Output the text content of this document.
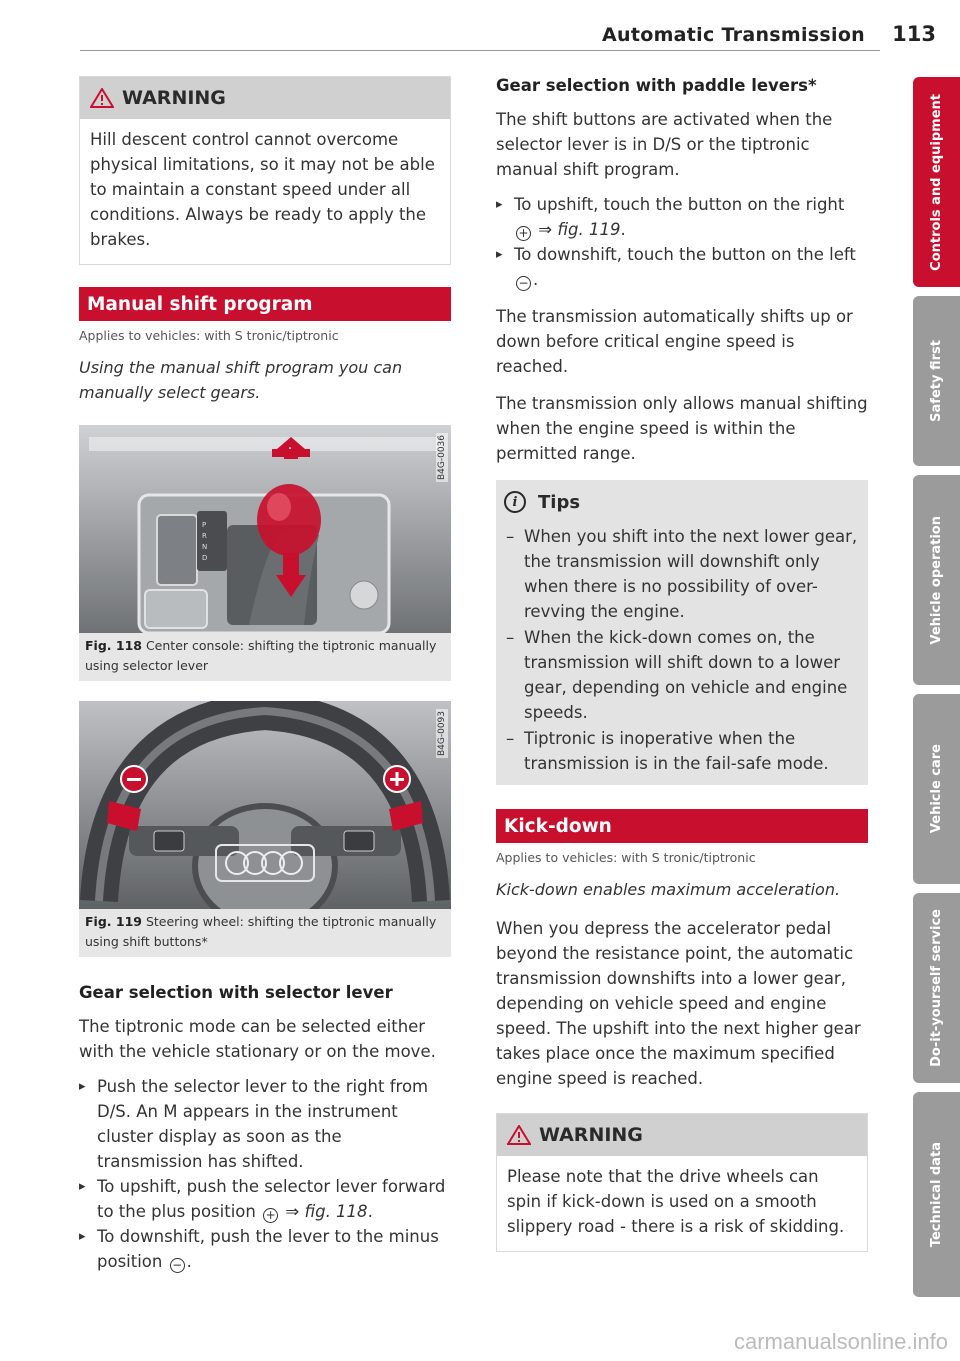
Automatic Transmission 113
WARNING
Hill descent control cannot overcome physical limitations, so it may not be able to maintain a constant speed under all conditions. Always be ready to apply the brakes.
Manual shift program
Applies to vehicles: with S tronic/tiptronic
Using the manual shift program you can manually select gears.
P
R
N
D
B4G-0036
Fig. 118 Center console: shifting the tiptronic manually using selector lever
B4G-0093
Fig. 119 Steering wheel: shifting the tiptronic manually using shift buttons*
Gear selection with selector lever
The tiptronic mode can be selected either with the vehicle stationary or on the move.
▸ Push the selector lever to the right from D/S. An M appears in the instrument cluster display as soon as the transmission has shifted.
▸ To upshift, push the selector lever forward to the plus position + ⇒ fig. 118.
▸ To downshift, push the lever to the minus position − .
Gear selection with paddle levers*
The shift buttons are activated when the selector lever is in D/S or the tiptronic manual shift program.
▸ To upshift, touch the button on the right + ⇒ fig. 119.
▸ To downshift, touch the button on the left − .
The transmission automatically shifts up or down before critical engine speed is reached.
The transmission only allows manual shifting when the engine speed is within the permitted range.
i	Tips
– When you shift into the next lower gear, the transmission will downshift only when there is no possibility of over-revving the engine.
– When the kick-down comes on, the transmission will shift down to a lower gear, depending on vehicle and engine speeds.
– Tiptronic is inoperative when the transmission is in the fail-safe mode.
Kick-down
Applies to vehicles: with S tronic/tiptronic
Kick-down enables maximum acceleration.
When you depress the accelerator pedal beyond the resistance point, the automatic transmission downshifts into a lower gear, depending on vehicle speed and engine speed. The upshift into the next higher gear takes place once the maximum specified engine speed is reached.
WARNING
Please note that the drive wheels can spin if kick-down is used on a smooth slippery road - there is a risk of skidding.
Controls and equipment
Safety first
Vehicle operation
Vehicle care
Do-it-yourself service
Technical data
carmanualsonline.info
